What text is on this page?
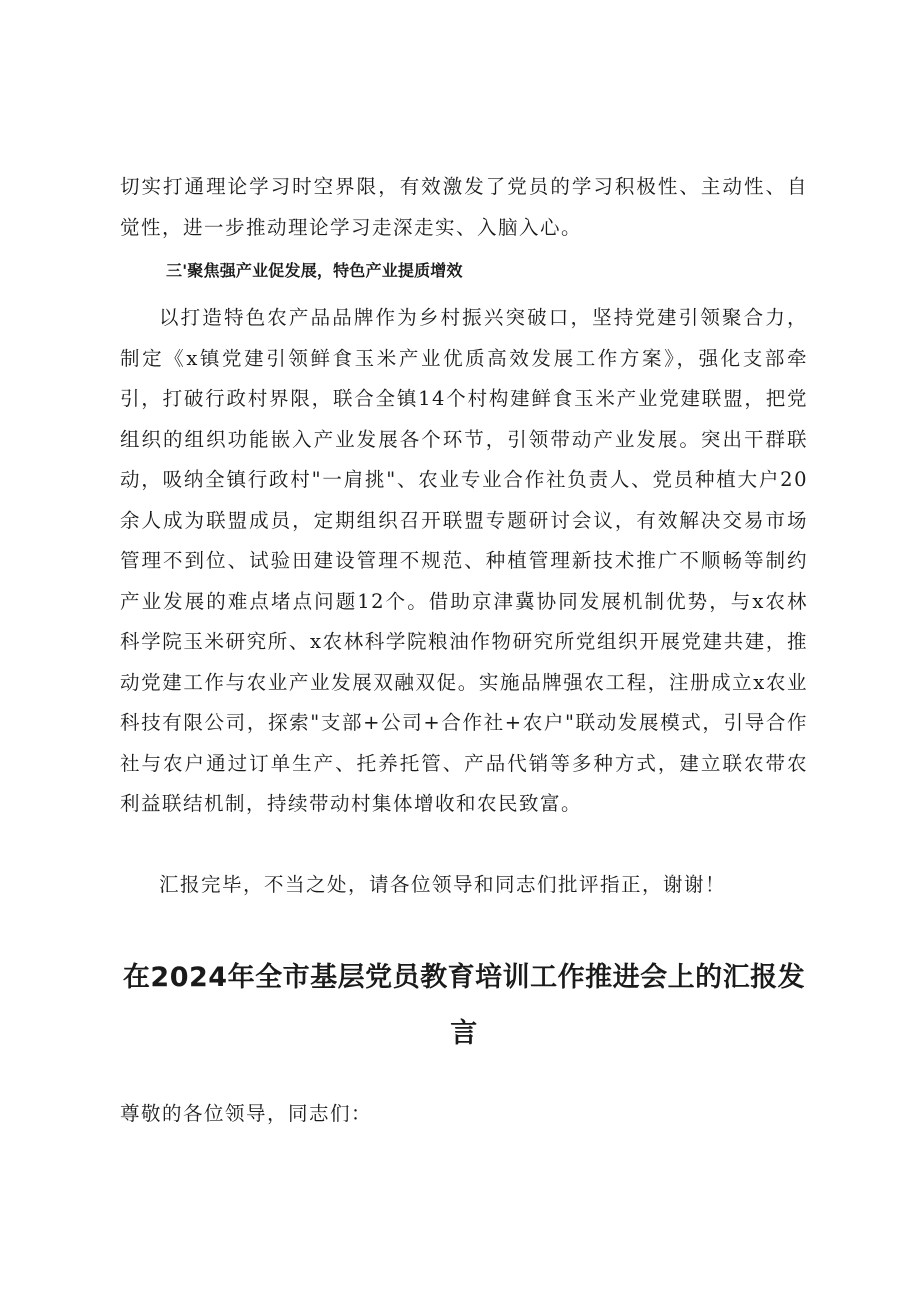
切实打通理论学习时空界限，有效激发了党员的学习积极性、主动性、自觉性，进一步推动理论学习走深走实、入脑入心。

三'聚焦强产业促发展，特色产业提质增效

以打造特色农产品品牌作为乡村振兴突破口，坚持党建引领聚合力，制定《x镇党建引领鲜食玉米产业优质高效发展工作方案》，强化支部牵引，打破行政村界限，联合全镇14个村构建鲜食玉米产业党建联盟，把党组织的组织功能嵌入产业发展各个环节，引领带动产业发展。突出干群联动，吸纳全镇行政村"一肩挑"、农业专业合作社负责人、党员种植大户20余人成为联盟成员，定期组织召开联盟专题研讨会议，有效解决交易市场管理不到位、试验田建设管理不规范、种植管理新技术推广不顺畅等制约产业发展的难点堵点问题12个。借助京津冀协同发展机制优势，与x农林科学院玉米研究所、x农林科学院粮油作物研究所党组织开展党建共建，推动党建工作与农业产业发展双融双促。实施品牌强农工程，注册成立x农业科技有限公司，探索"支部+公司+合作社+农户"联动发展模式，引导合作社与农户通过订单生产、托养托管、产品代销等多种方式，建立联农带农利益联结机制，持续带动村集体增收和农民致富。

汇报完毕，不当之处，请各位领导和同志们批评指正，谢谢！

在2024年全市基层党员教育培训工作推进会上的汇报发言

尊敬的各位领导，同志们：
